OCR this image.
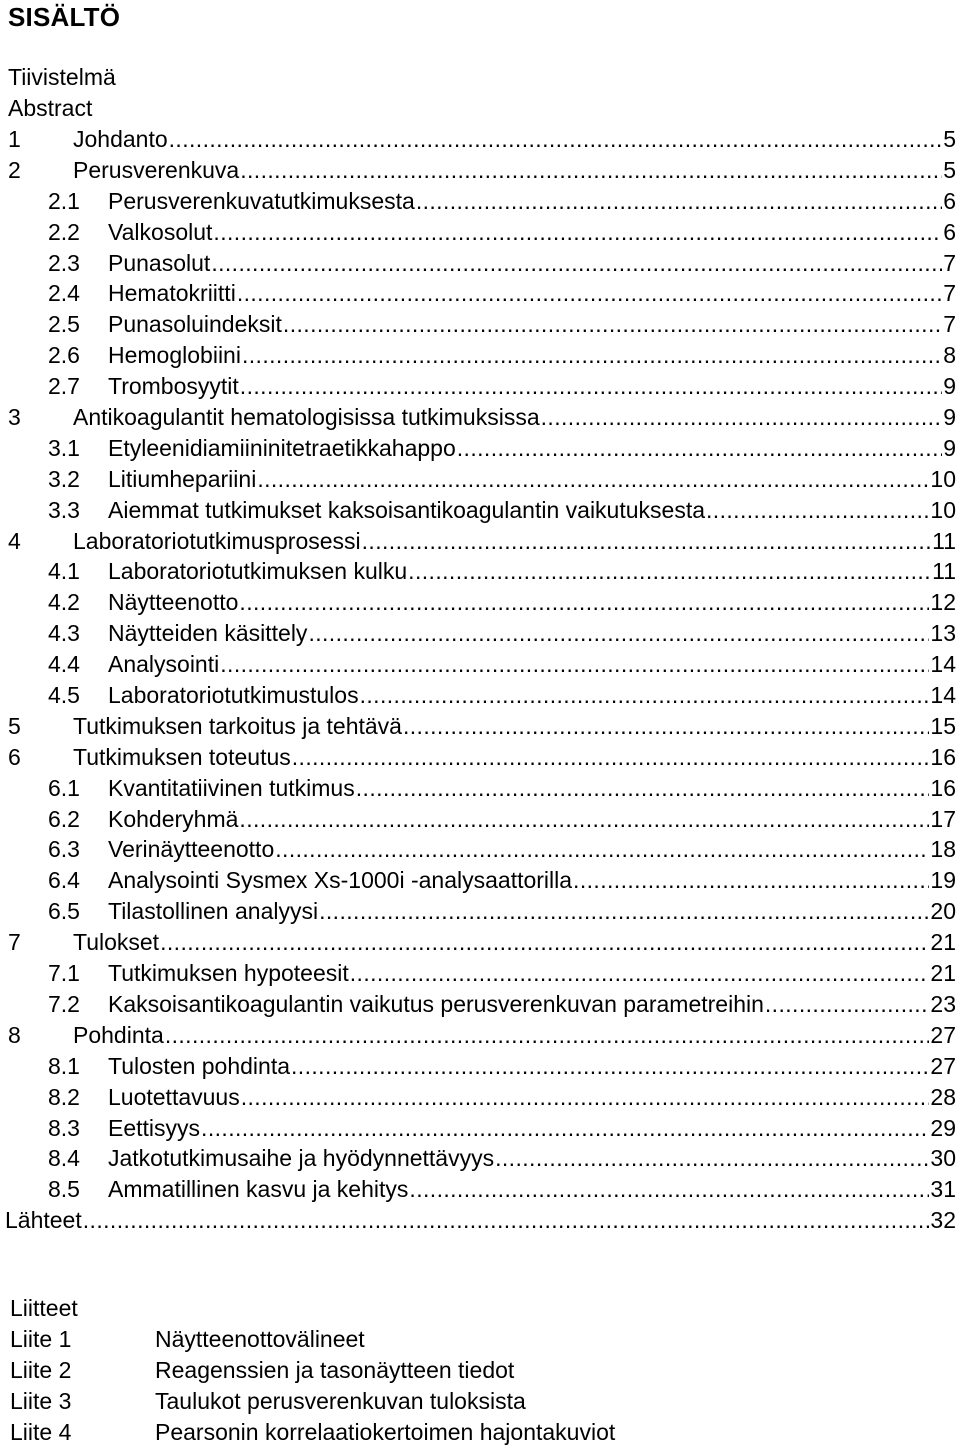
SISÄLTÖ
Tiivistelmä
Abstract
1 Johdanto .....	5
2 Perusverenkuva .....	5
2.1 Perusverenkuvatutkimuksesta .....	6
2.2 Valkosolut .....	6
2.3 Punasolut .....	7
2.4 Hematokriitti .....	7
2.5 Punasoluindeksit .....	7
2.6 Hemoglobiini .....	8
2.7 Trombosyytit .....	9
3 Antikoagulantit hematologisissa tutkimuksissa .....	9
3.1 Etyleenidiamiininitetraetikkahappo .....	9
3.2 Litiumhepariini .....	10
3.3 Aiemmat tutkimukset kaksoisantikoagulantin vaikutuksesta .....	10
4 Laboratoriotutkimusprosessi .....	11
4.1 Laboratoriotutkimuksen kulku .....	11
4.2 Näytteenotto .....	12
4.3 Näytteiden käsittely .....	13
4.4 Analysointi .....	14
4.5 Laboratoriotutkimustulos .....	14
5 Tutkimuksen tarkoitus ja tehtävä .....	15
6 Tutkimuksen toteutus .....	16
6.1 Kvantitatiivinen tutkimus .....	16
6.2 Kohderyhmä .....	17
6.3 Verinäytteenotto .....	18
6.4 Analysointi Sysmex Xs-1000i -analysaattorilla .....	19
6.5 Tilastollinen analyysi .....	20
7 Tulokset .....	21
7.1 Tutkimuksen hypoteesit .....	21
7.2 Kaksoisantikoagulantin vaikutus perusverenkuvan parametreihin .....	23
8 Pohdinta .....	27
8.1 Tulosten pohdinta .....	27
8.2 Luotettavuus .....	28
8.3 Eettisyys .....	29
8.4 Jatkotutkimusaihe ja hyödynnettävyys .....	30
8.5 Ammatillinen kasvu ja kehitys .....	31
Lähteet .....	32
Liitteet
Liite 1	Näytteenottovälineet
Liite 2	Reagenssien ja tasonäytteen tiedot
Liite 3	Taulukot perusverenkuvan tuloksista
Liite 4	Pearsonin korrelaatiokertoimen hajontakuviot
